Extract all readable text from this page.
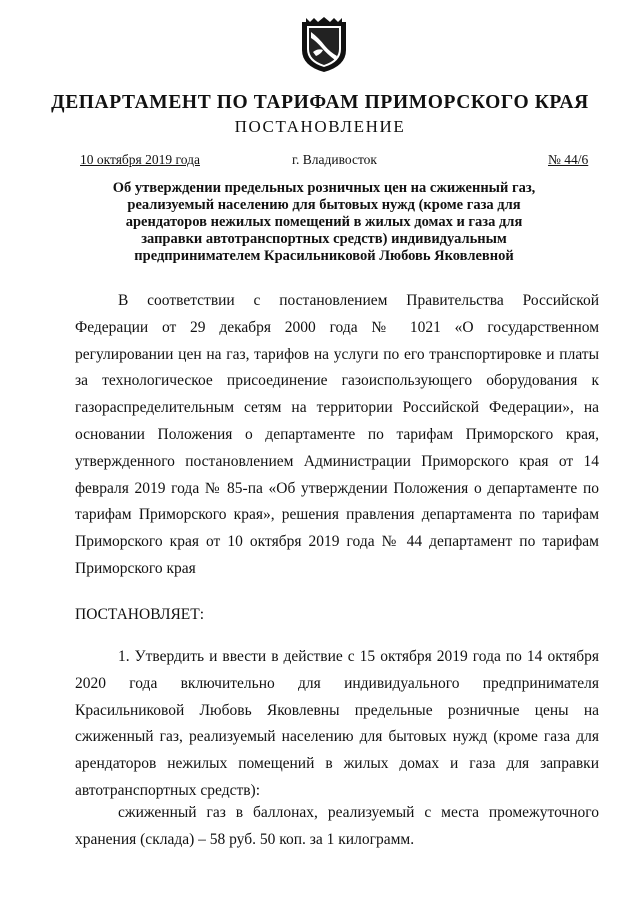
ДЕПАРТАМЕНТ ПО ТАРИФАМ ПРИМОРСКОГО КРАЯ
ПОСТАНОВЛЕНИЕ
10 октября 2019 года	г. Владивосток	№ 44/6
Об утверждении предельных розничных цен на сжиженный газ, реализуемый населению для бытовых нужд (кроме газа для арендаторов нежилых помещений в жилых домах и газа для заправки автотранспортных средств) индивидуальным предпринимателем Красильниковой Любовь Яковлевной
В соответствии с постановлением Правительства Российской Федерации от 29 декабря 2000 года № 1021 «О государственном регулировании цен на газ, тарифов на услуги по его транспортировке и платы за технологическое присоединение газоиспользующего оборудования к газораспределительным сетям на территории Российской Федерации», на основании Положения о департаменте по тарифам Приморского края, утвержденного постановлением Администрации Приморского края от 14 февраля 2019 года № 85-па «Об утверждении Положения о департаменте по тарифам Приморского края», решения правления департамента по тарифам Приморского края от 10 октября 2019 года № 44 департамент по тарифам Приморского края
ПОСТАНОВЛЯЕТ:
1. Утвердить и ввести в действие с 15 октября 2019 года по 14 октября 2020 года включительно для индивидуального предпринимателя Красильниковой Любовь Яковлевны предельные розничные цены на сжиженный газ, реализуемый населению для бытовых нужд (кроме газа для арендаторов нежилых помещений в жилых домах и газа для заправки автотранспортных средств):
сжиженный газ в баллонах, реализуемый с места промежуточного хранения (склада) – 58 руб. 50 коп. за 1 килограмм.
